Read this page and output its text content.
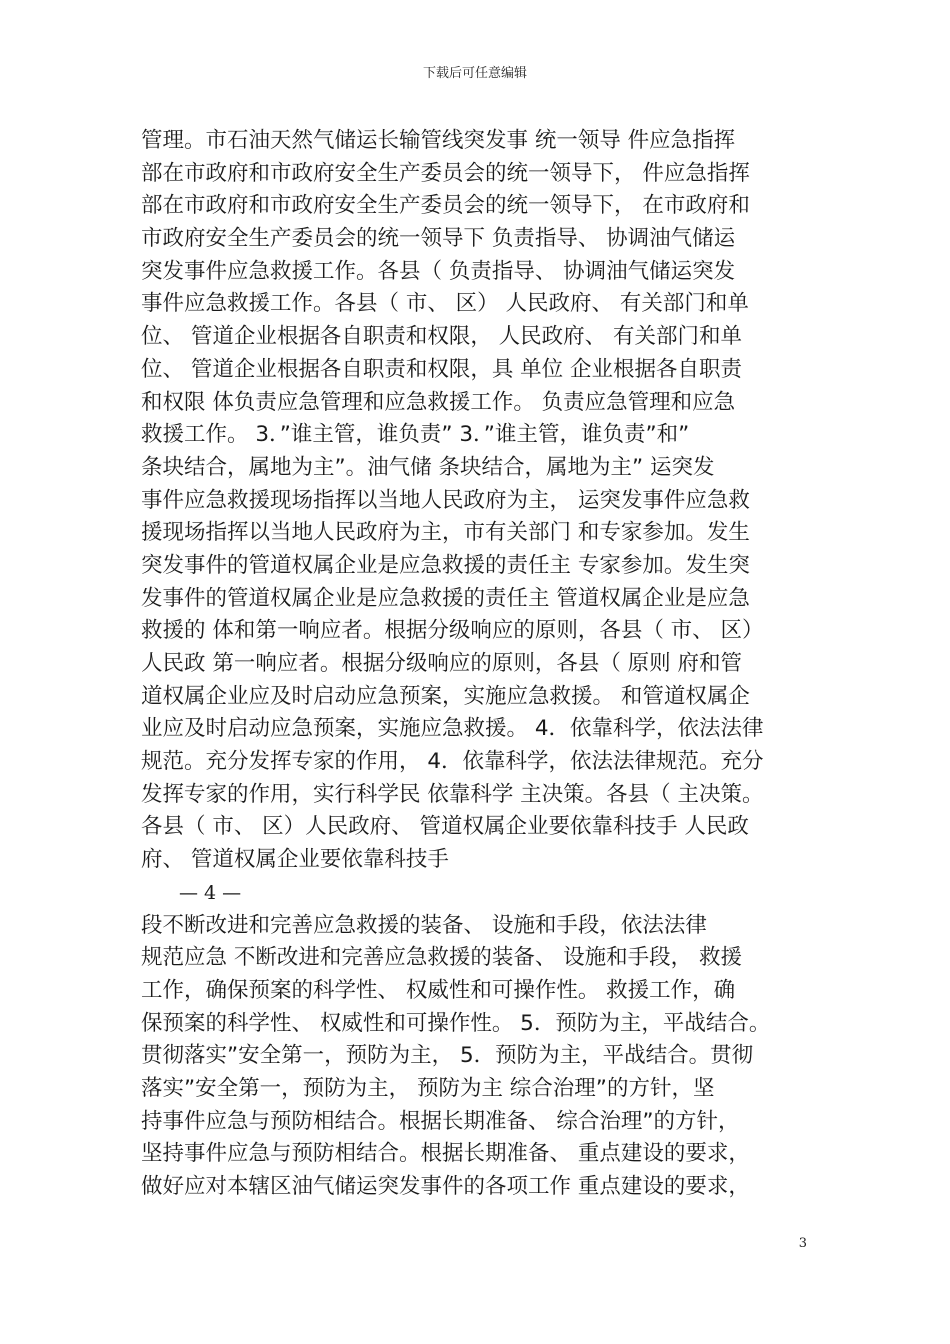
下载后可任意编辑
管理。市石油天然气储运长输管线突发事 统一领导 件应急指挥
部在市政府和市政府安全生产委员会的统一领导下， 件应急指挥
部在市政府和市政府安全生产委员会的统一领导下， 在市政府和
市政府安全生产委员会的统一领导下 负责指导、 协调油气储运
突发事件应急救援工作。各县（ 负责指导、 协调油气储运突发
事件应急救援工作。各县（ 市、 区） 人民政府、 有关部门和单
位、 管道企业根据各自职责和权限， 人民政府、 有关部门和单
位、 管道企业根据各自职责和权限，具 单位 企业根据各自职责
和权限 体负责应急管理和应急救援工作。 负责应急管理和应急
救援工作。 3．”谁主管，谁负责” 3．”谁主管，谁负责”和”
条块结合，属地为主”。油气储 条块结合，属地为主” 运突发
事件应急救援现场指挥以当地人民政府为主， 运突发事件应急救
援现场指挥以当地人民政府为主，市有关部门 和专家参加。发生
突发事件的管道权属企业是应急救援的责任主 专家参加。发生突
发事件的管道权属企业是应急救援的责任主 管道权属企业是应急
救援的 体和第一响应者。根据分级响应的原则，各县（ 市、 区）
人民政 第一响应者。根据分级响应的原则，各县（ 原则 府和管
道权属企业应及时启动应急预案，实施应急救援。 和管道权属企
业应及时启动应急预案，实施应急救援。 4．依靠科学，依法法律
规范。充分发挥专家的作用， 4．依靠科学，依法法律规范。充分
发挥专家的作用，实行科学民 依靠科学 主决策。各县（ 主决策。
各县（ 市、 区）人民政府、 管道权属企业要依靠科技手 人民政
府、 管道权属企业要依靠科技手
— 4 —
段不断改进和完善应急救援的装备、 设施和手段，依法法律
规范应急 不断改进和完善应急救援的装备、 设施和手段， 救援
工作，确保预案的科学性、 权威性和可操作性。 救援工作，确
保预案的科学性、 权威性和可操作性。 5．预防为主，平战结合。
贯彻落实”安全第一，预防为主， 5．预防为主，平战结合。贯彻
落实”安全第一，预防为主， 预防为主 综合治理”的方针，坚
持事件应急与预防相结合。根据长期准备、 综合治理”的方针，
坚持事件应急与预防相结合。根据长期准备、 重点建设的要求，
做好应对本辖区油气储运突发事件的各项工作 重点建设的要求，
3
